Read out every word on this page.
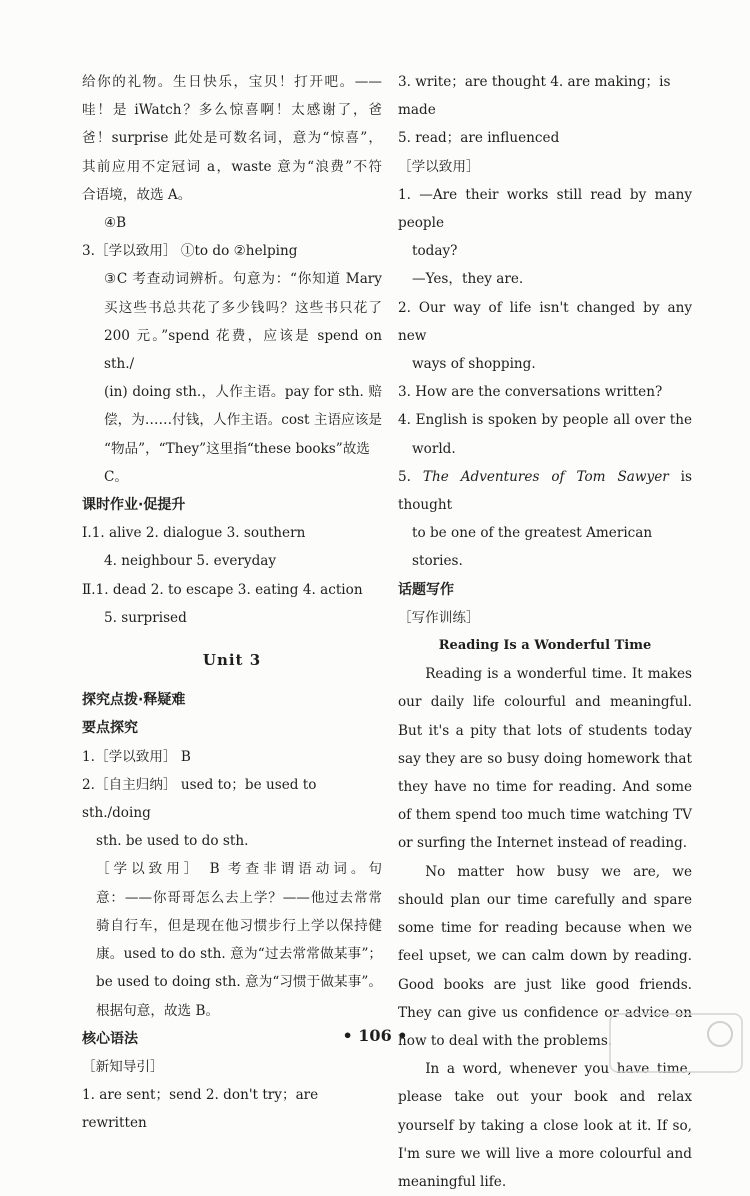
给你的礼物。生日快乐，宝贝！打开吧。——

哇！是 iWatch？多么惊喜啊！太感谢了，爸

爸！surprise 此处是可数名词，意为“惊喜”，

其前应用不定冠词 a，waste 意为“浪费”不符

合语境，故选 A。

④B

3.［学以致用］ ①to do ②helping

③C 考查动词辨析。句意为：“你知道 Mary

买这些书总共花了多少钱吗？这些书只花了

200 元。”spend 花费，应该是 spend on sth./

(in) doing sth.，人作主语。pay for sth. 赔

偿，为……付钱，人作主语。cost 主语应该是

“物品”，“They”这里指“these books”故选 C。

课时作业·促提升

Ⅰ.1. alive 2. dialogue 3. southern

4. neighbour 5. everyday

Ⅱ.1. dead 2. to escape 3. eating 4. action

5. surprised

Unit 3

探究点拨·释疑难

要点探究

1.［学以致用］ B

2.［自主归纳］ used to；be used to sth./doing

sth. be used to do sth.

［学以致用］ B 考查非谓语动词。句

意：——你哥哥怎么去上学？——他过去常常

骑自行车，但是现在他习惯步行上学以保持健

康。used to do sth. 意为“过去常常做某事”；

be used to doing sth. 意为“习惯于做某事”。

根据句意，故选 B。

核心语法

［新知导引］

1. are sent；send 2. don't try；are rewritten

3. write；are thought 4. are making；is made

5. read；are influenced

［学以致用］

1. —Are their works still read by many people

today?

—Yes，they are.

2. Our way of life isn't changed by any new

ways of shopping.

3. How are the conversations written?

4. English is spoken by people all over the

world.

5. The Adventures of Tom Sawyer is thought

to be one of the greatest American stories.

话题写作

［写作训练］

Reading Is a Wonderful Time

Reading is a wonderful time. It makes our daily life colourful and meaningful. But it's a pity that lots of students today say they are so busy doing homework that they have no time for reading. And some of them spend too much time watching TV or surfing the Internet instead of reading.

No matter how busy we are, we should plan our time carefully and spare some time for reading because when we feel upset, we can calm down by reading. Good books are just like good friends. They can give us confidence or advice on how to deal with the problems.

In a word, whenever you have time, please take out your book and relax yourself by taking a close look at it. If so, I'm sure we will live a more colourful and meaningful life.

• 106 •
